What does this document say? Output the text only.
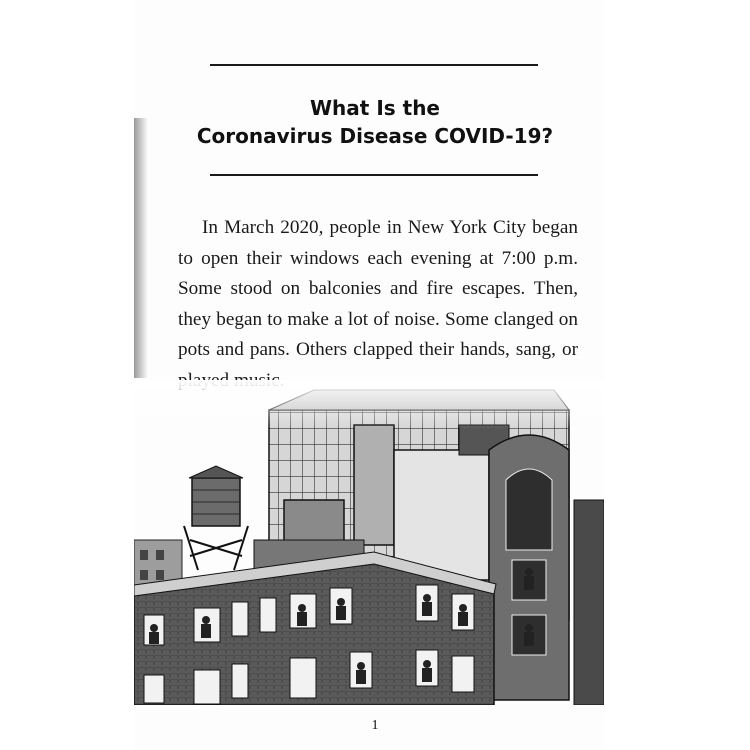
What Is the
Coronavirus Disease COVID-19?
In March 2020, people in New York City began to open their windows each evening at 7:00 p.m. Some stood on balconies and fire escapes. Then, they began to make a lot of noise. Some clanged on pots and pans. Others clapped their hands, sang, or
1
